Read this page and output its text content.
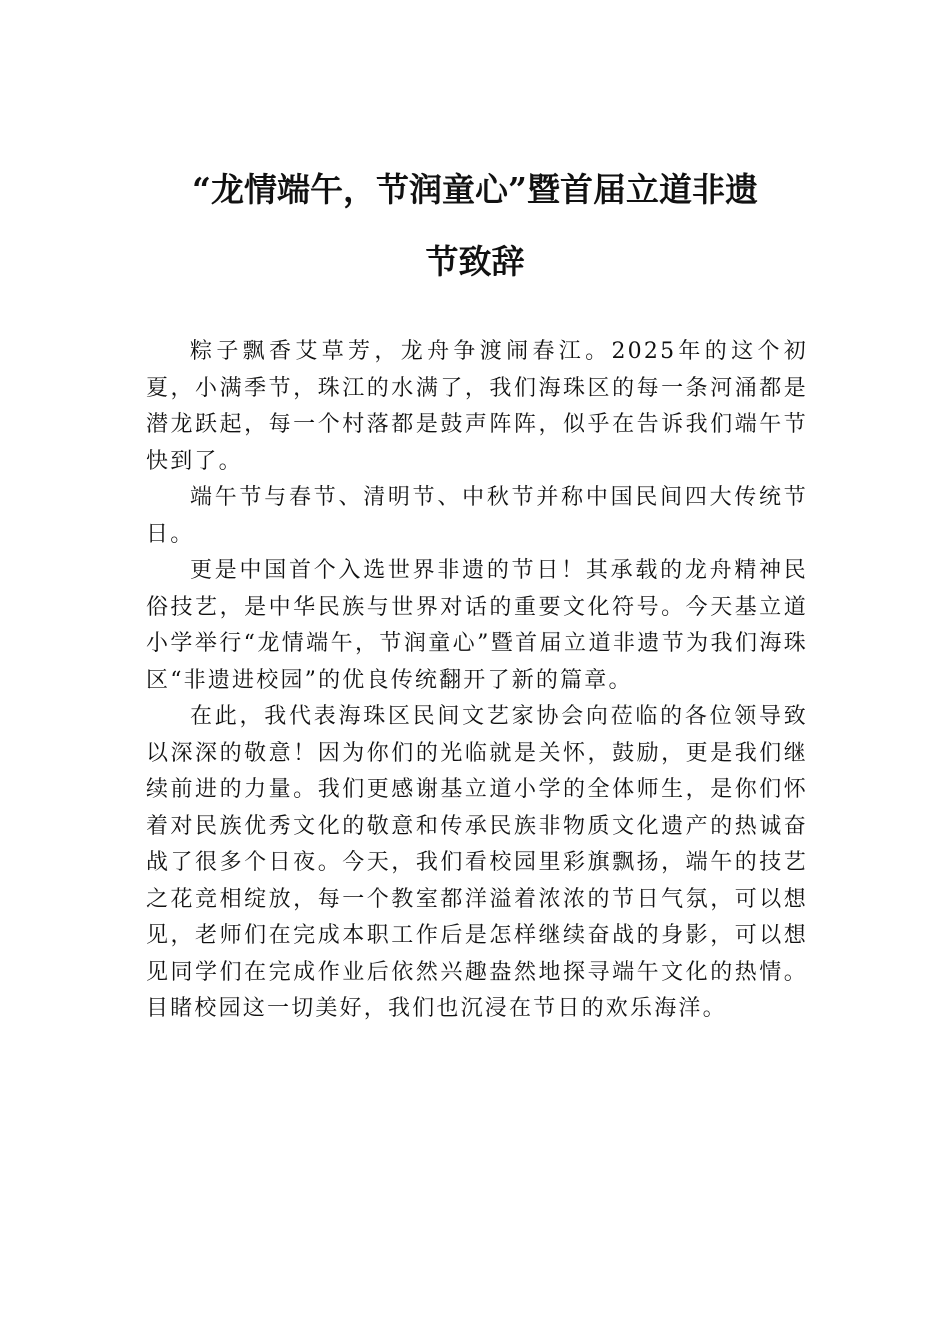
“龙情端午，节润童心”暨首届立道非遗
节致辞

粽子飘香艾草芳，龙舟争渡闹春江。2025年的这个初夏，小满季节，珠江的水满了，我们海珠区的每一条河涌都是潜龙跃起，每一个村落都是鼓声阵阵，似乎在告诉我们端午节快到了。

端午节与春节、清明节、中秋节并称中国民间四大传统节日。

更是中国首个入选世界非遗的节日！其承载的龙舟精神民俗技艺，是中华民族与世界对话的重要文化符号。今天基立道小学举行“龙情端午，节润童心”暨首届立道非遗节为我们海珠区“非遗进校园”的优良传统翻开了新的篇章。

在此，我代表海珠区民间文艺家协会向莅临的各位领导致以深深的敬意！因为你们的光临就是关怀，鼓励，更是我们继续前进的力量。我们更感谢基立道小学的全体师生，是你们怀着对民族优秀文化的敬意和传承民族非物质文化遗产的热诚奋战了很多个日夜。今天，我们看校园里彩旗飘扬，端午的技艺之花竞相绽放，每一个教室都洋溢着浓浓的节日气氛，可以想见，老师们在完成本职工作后是怎样继续奋战的身影，可以想见同学们在完成作业后依然兴趣盎然地探寻端午文化的热情。目睹校园这一切美好，我们也沉浸在节日的欢乐海洋。
